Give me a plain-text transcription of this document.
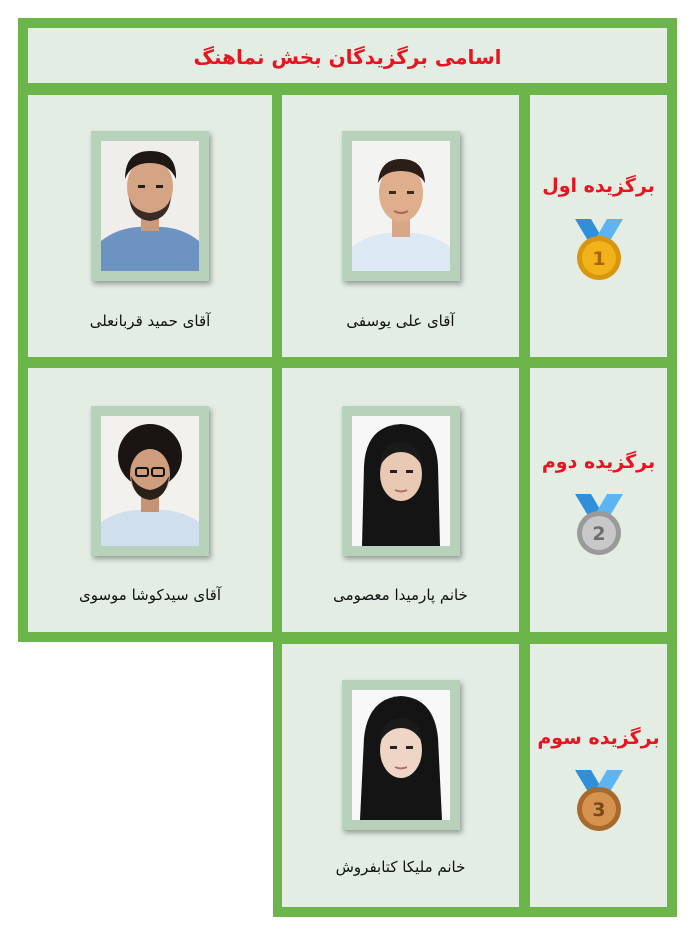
اسامی برگزیدگان بخش نماهنگ
برگزیده اول
1
آقای علی یوسفی
آقای حمید قربانعلی
برگزیده دوم
2
خانم پارمیدا معصومی
آقای سیدکوشا موسوی
برگزیده سوم
3
خانم ملیکا کتابفروش
